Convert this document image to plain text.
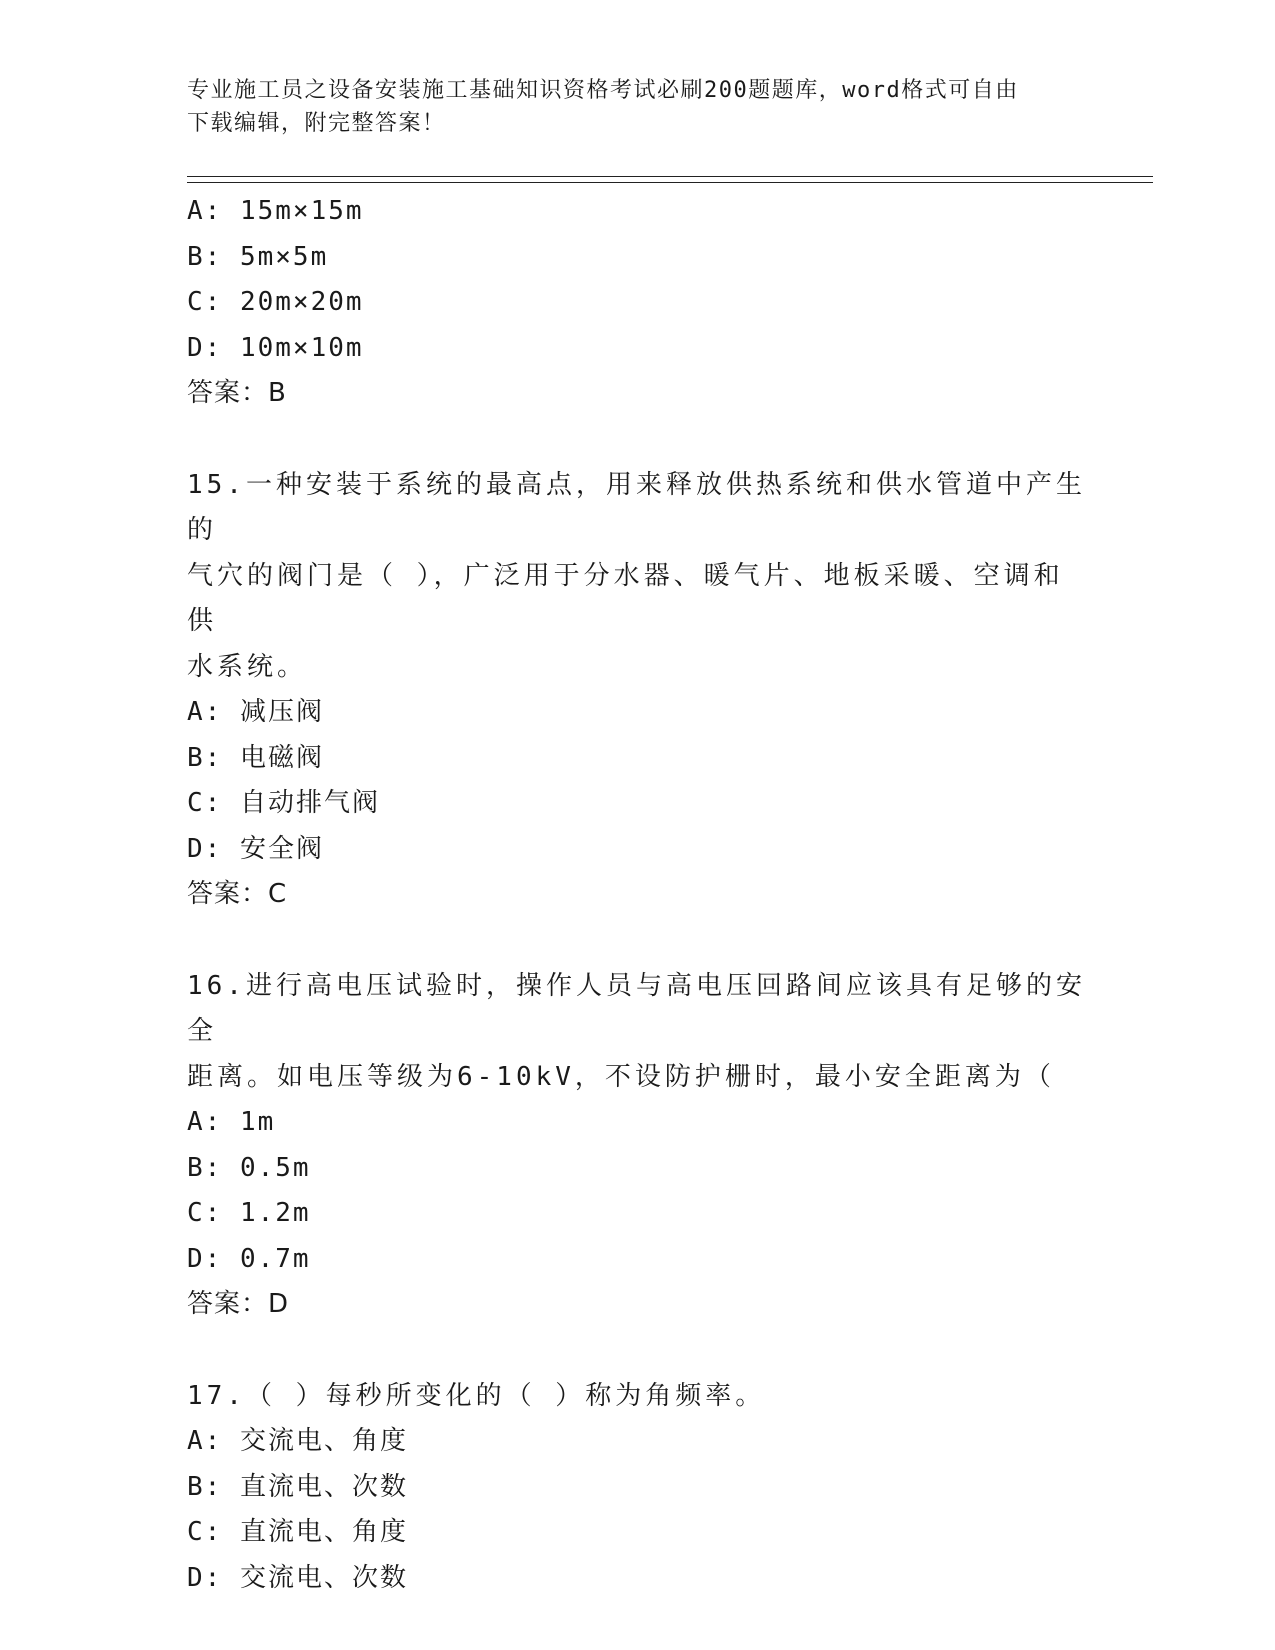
专业施工员之设备安装施工基础知识资格考试必刷200题题库，word格式可自由
下载编辑，附完整答案！
A: 15m×15m
B: 5m×5m
C: 20m×20m
D: 10m×10m
答案：B
15.一种安装于系统的最高点，用来释放供热系统和供水管道中产生的
气穴的阀门是（ ），广泛用于分水器、暖气片、地板采暖、空调和供
水系统。
A: 减压阀
B: 电磁阀
C: 自动排气阀
D: 安全阀
答案：C
16.进行高电压试验时，操作人员与高电压回路间应该具有足够的安全
距离。如电压等级为6-10kV，不设防护栅时，最小安全距离为（
A: 1m
B: 0.5m
C: 1.2m
D: 0.7m
答案：D
17.（ ）每秒所变化的（ ）称为角频率。
A: 交流电、角度
B: 直流电、次数
C: 直流电、角度
D: 交流电、次数
